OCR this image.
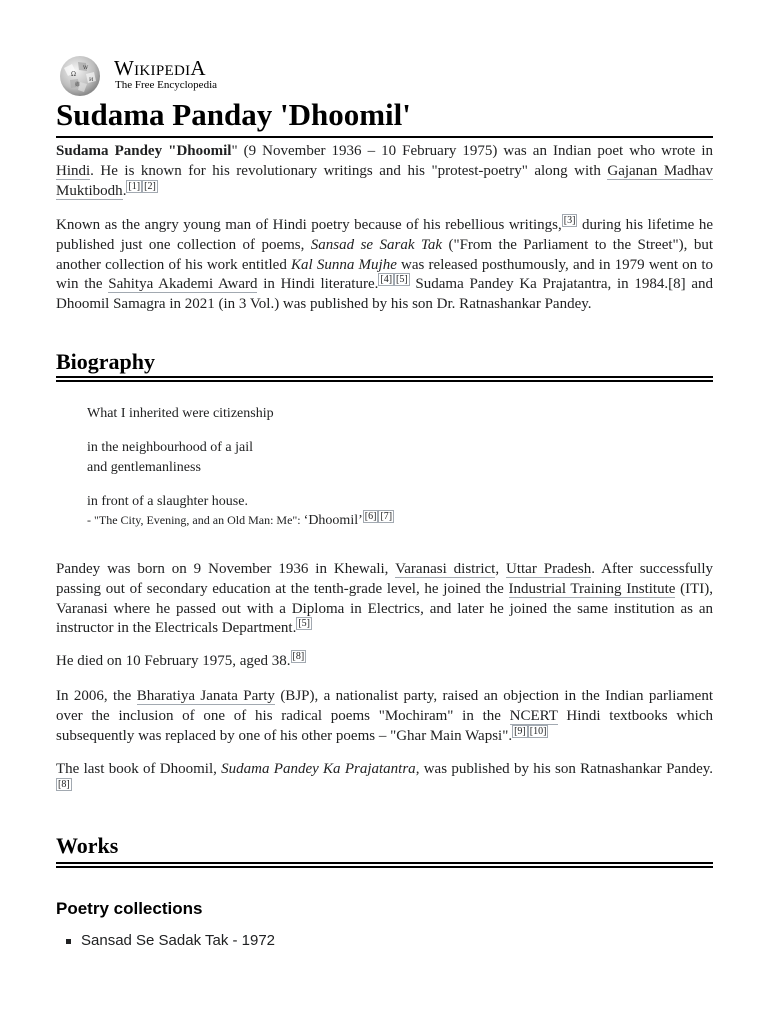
Ω
W
И
維
WIKIPEDIA
The Free Encyclopedia
Sudama Panday 'Dhoomil'

Sudama Pandey "Dhoomil" (9 November 1936 – 10 February 1975) was an Indian poet who wrote in Hindi. He is known for his revolutionary writings and his "protest-poetry" along with Gajanan Madhav Muktibodh. [1] [2]

Known as the angry young man of Hindi poetry because of his rebellious writings, [3] during his lifetime he published just one collection of poems, Sansad se Sarak Tak ("From the Parliament to the Street"), but another collection of his work entitled Kal Sunna Mujhe was released posthumously, and in 1979 went on to win the Sahitya Akademi Award in Hindi literature. [4] [5] Sudama Pandey Ka Prajatantra, in 1984.[8] and Dhoomil Samagra in 2021 (in 3 Vol.) was published by his son Dr. Ratnashankar Pandey.

Biography
What I inherited were citizenship
in the neighbourhood of a jail
and gentlemanliness
in front of a slaughter house.
- "The City, Evening, and an Old Man: Me": ‘Dhoomil’ [6] [7]

Pandey was born on 9 November 1936 in Khewali, Varanasi district, Uttar Pradesh. After successfully passing out of secondary education at the tenth-grade level, he joined the Industrial Training Institute (ITI), Varanasi where he passed out with a Diploma in Electrics, and later he joined the same institution as an instructor in the Electricals Department. [5]

He died on 10 February 1975, aged 38. [8]

In 2006, the Bharatiya Janata Party (BJP), a nationalist party, raised an objection in the Indian parliament over the inclusion of one of his radical poems "Mochiram" in the NCERT Hindi textbooks which subsequently was replaced by one of his other poems – "Ghar Main Wapsi". [9] [10]

The last book of Dhoomil, Sudama Pandey Ka Prajatantra, was published by his son Ratnashankar Pandey.[8]

Works
Poetry collections
Sansad Se Sadak Tak - 1972
